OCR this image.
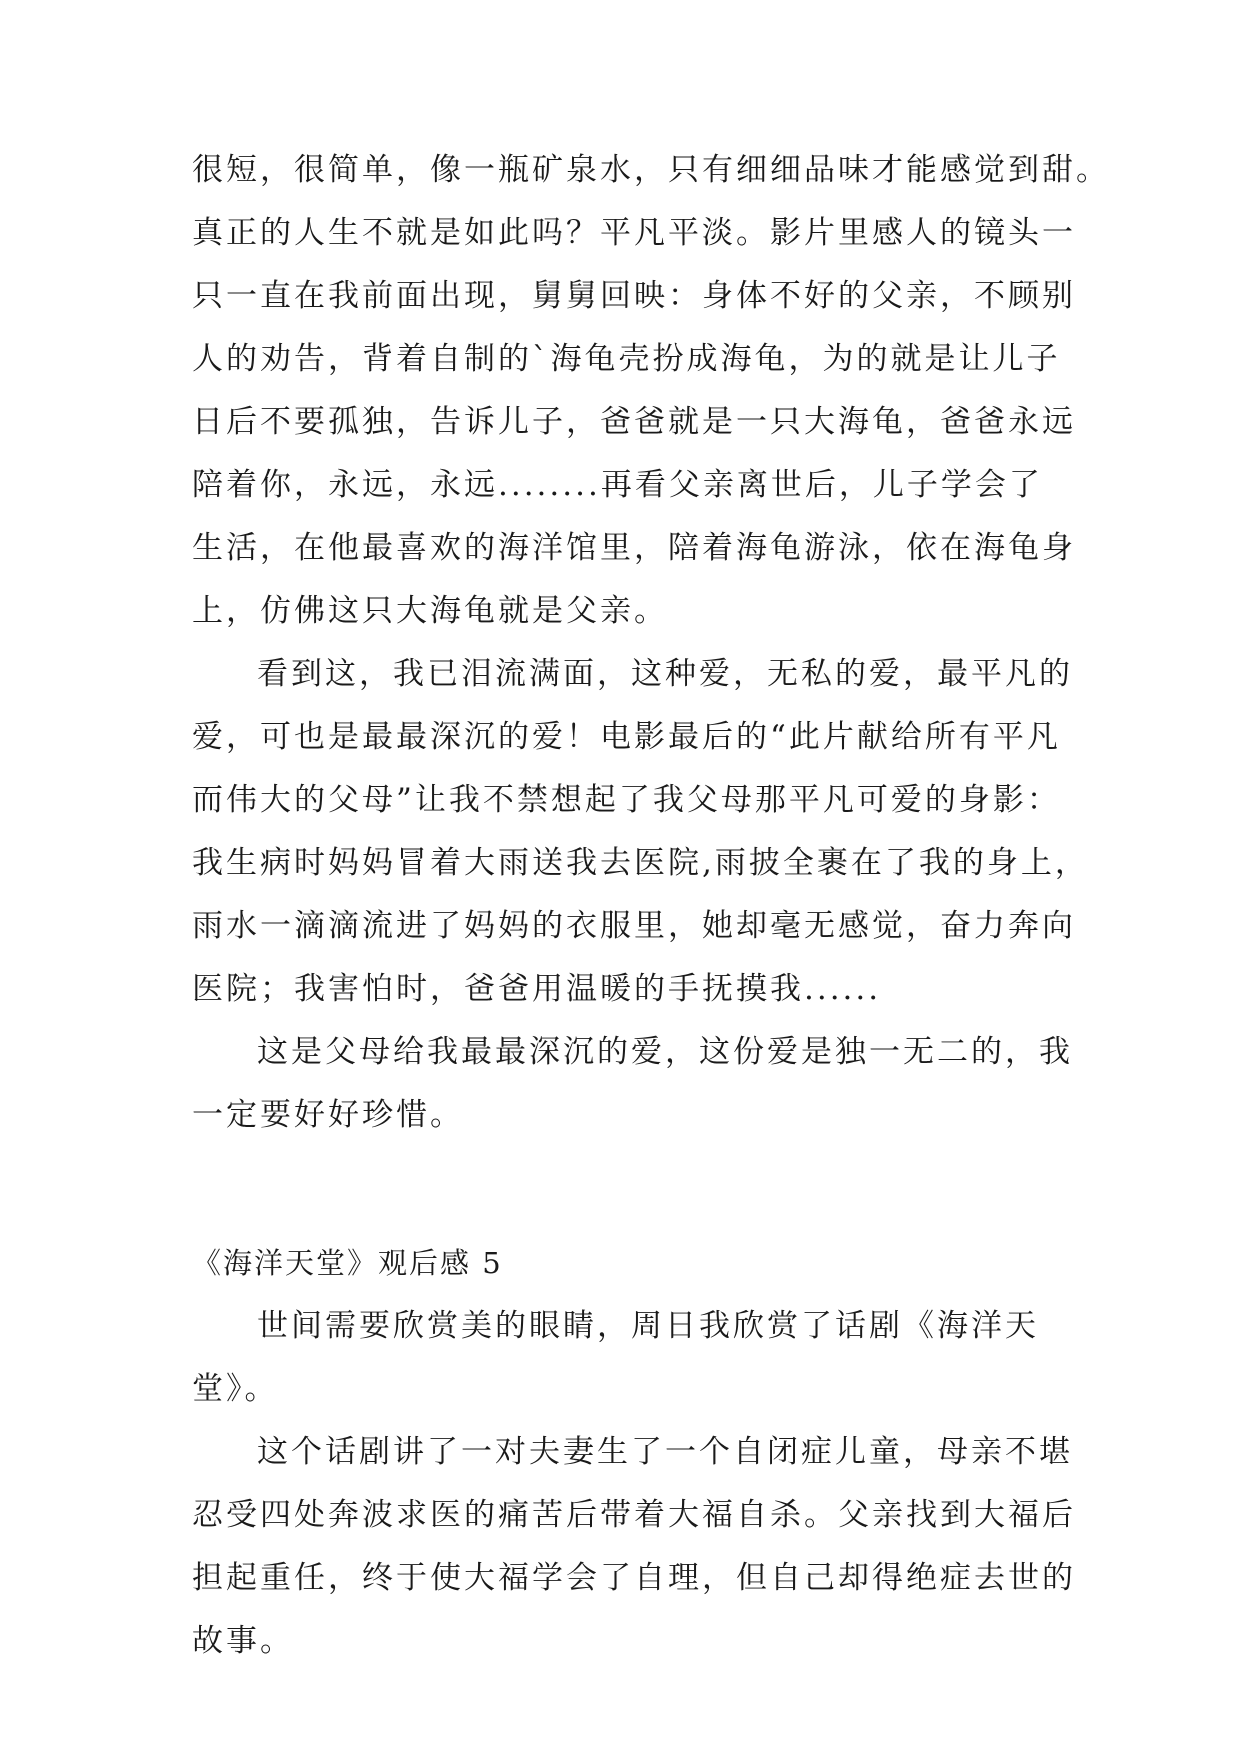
很短，很简单，像一瓶矿泉水，只有细细品味才能感觉到甜。
真正的人生不就是如此吗？平凡平淡。影片里感人的镜头一
只一直在我前面出现，舅舅回映：身体不好的父亲，不顾别
人的劝告，背着自制的`海龟壳扮成海龟，为的就是让儿子
日后不要孤独，告诉儿子，爸爸就是一只大海龟，爸爸永远
陪着你，永远，永远........再看父亲离世后，儿子学会了
生活，在他最喜欢的海洋馆里，陪着海龟游泳，依在海龟身
上，仿佛这只大海龟就是父亲。
看到这，我已泪流满面，这种爱，无私的爱，最平凡的
爱，可也是最最深沉的爱！电影最后的“此片献给所有平凡
而伟大的父母”让我不禁想起了我父母那平凡可爱的身影：
我生病时妈妈冒着大雨送我去医院,雨披全裹在了我的身上，
雨水一滴滴流进了妈妈的衣服里，她却毫无感觉，奋力奔向
医院；我害怕时，爸爸用温暖的手抚摸我......
这是父母给我最最深沉的爱，这份爱是独一无二的，我
一定要好好珍惜。
《海洋天堂》观后感 5
世间需要欣赏美的眼睛，周日我欣赏了话剧《海洋天
堂》。
这个话剧讲了一对夫妻生了一个自闭症儿童，母亲不堪
忍受四处奔波求医的痛苦后带着大福自杀。父亲找到大福后
担起重任，终于使大福学会了自理，但自己却得绝症去世的
故事。
